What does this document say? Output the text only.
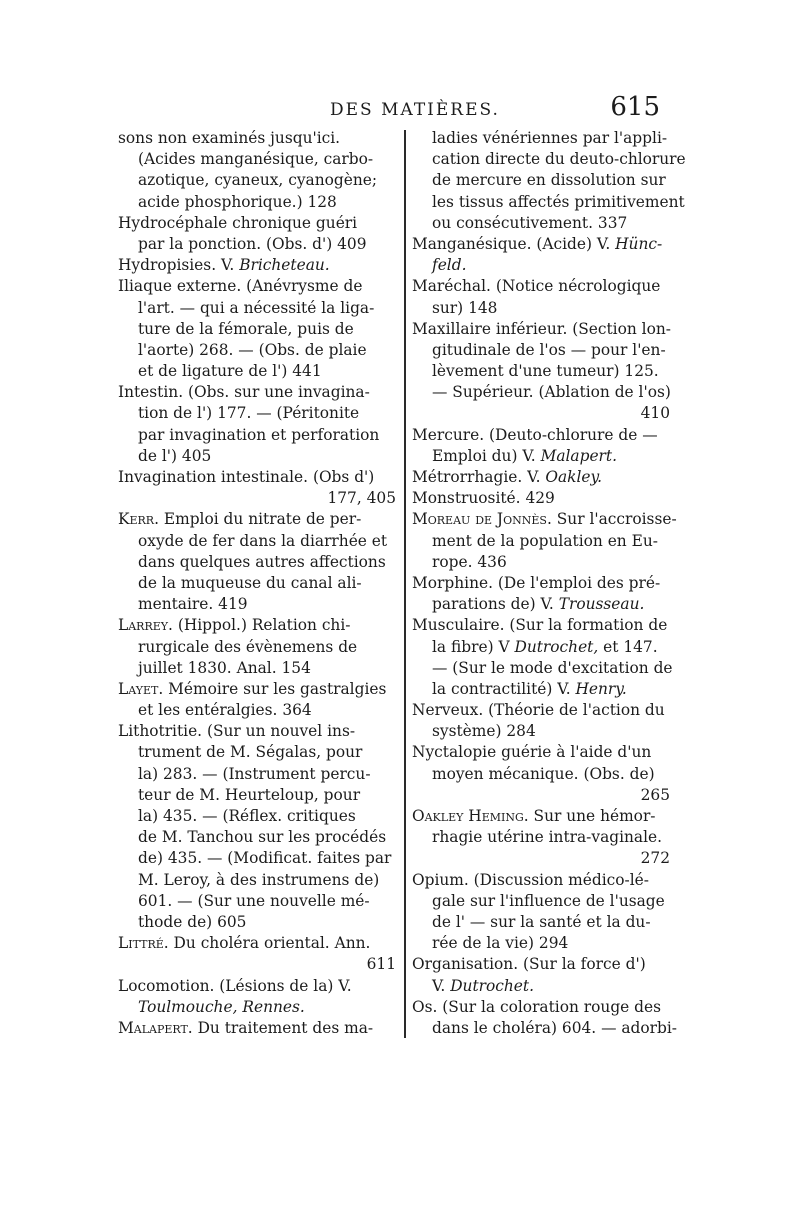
DES MATIÈRES.	615
sons non examinés jusqu'ici.
(Acides manganésique, carbo-
azotique, cyaneux, cyanogène;
acide phosphorique.) 128
Hydrocéphale chronique guéri
par la ponction. (Obs. d') 409
Hydropisies. V. Bricheteau.
Iliaque externe. (Anévrysme de
l'art. — qui a nécessité la liga-
ture de la fémorale, puis de
l'aorte) 268. — (Obs. de plaie
et de ligature de l') 441
Intestin. (Obs. sur une invagina-
tion de l') 177. — (Péritonite
par invagination et perforation
de l') 405
Invagination intestinale. (Obs d')
177, 405
Kerr. Emploi du nitrate de per-
oxyde de fer dans la diarrhée et
dans quelques autres affections
de la muqueuse du canal ali-
mentaire. 419
Larrey. (Hippol.) Relation chi-
rurgicale des évènemens de
juillet 1830. Anal. 154
Layet. Mémoire sur les gastralgies
et les entéralgies. 364
Lithotritie. (Sur un nouvel ins-
trument de M. Ségalas, pour
la) 283. — (Instrument percu-
teur de M. Heurteloup, pour
la) 435. — (Réflex. critiques
de M. Tanchou sur les procédés
de) 435. — (Modificat. faites par
M. Leroy, à des instrumens de)
601. — (Sur une nouvelle mé-
thode de) 605
Littré. Du choléra oriental. Ann.
611
Locomotion. (Lésions de la) V.
Toulmouche, Rennes.
Malapert. Du traitement des ma-
ladies vénériennes par l'appli-
cation directe du deuto-chlorure
de mercure en dissolution sur
les tissus affectés primitivement
ou consécutivement. 337
Manganésique. (Acide) V. Hünc-
feld.
Maréchal. (Notice nécrologique
sur) 148
Maxillaire inférieur. (Section lon-
gitudinale de l'os — pour l'en-
lèvement d'une tumeur) 125.
— Supérieur. (Ablation de l'os)
410
Mercure. (Deuto-chlorure de —
Emploi du) V. Malapert.
Métrorrhagie. V. Oakley.
Monstruosité. 429
Moreau de Jonnès. Sur l'accroisse-
ment de la population en Eu-
rope. 436
Morphine. (De l'emploi des pré-
parations de) V. Trousseau.
Musculaire. (Sur la formation de
la fibre) V Dutrochet, et 147.
— (Sur le mode d'excitation de
la contractilité) V. Henry.
Nerveux. (Théorie de l'action du
système) 284
Nyctalopie guérie à l'aide d'un
moyen mécanique. (Obs. de)
265
Oakley Heming. Sur une hémor-
rhagie utérine intra-vaginale.
272
Opium. (Discussion médico-lé-
gale sur l'influence de l'usage
de l' — sur la santé et la du-
rée de la vie) 294
Organisation. (Sur la force d')
V. Dutrochet.
Os. (Sur la coloration rouge des
dans le choléra) 604. — adorbi-
